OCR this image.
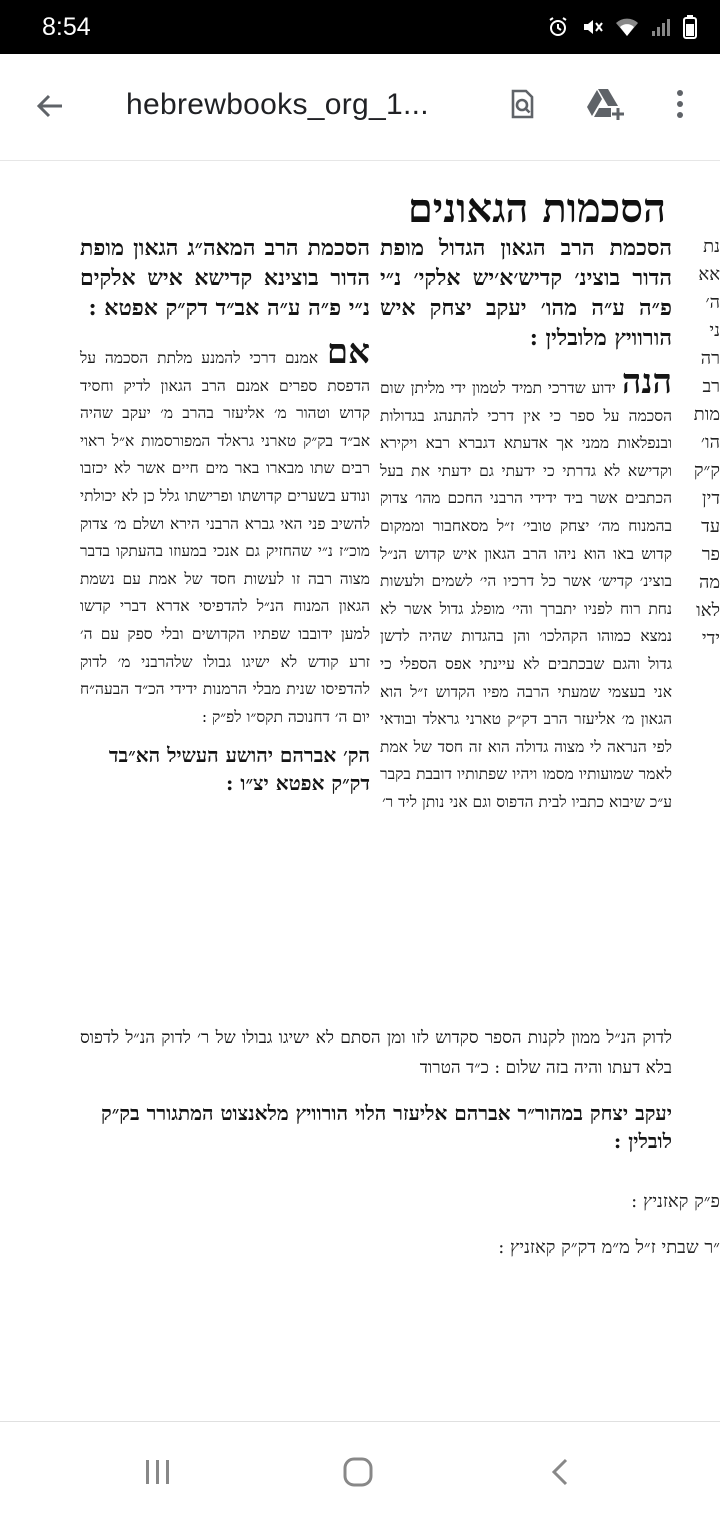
8:54
hebrewbooks_org_1...
הסכמות הגאונים
הסכמת הרב הגאון הגדול מופת הדור בוצינ׳ קדיש׳א׳יש אלקי׳ נ״י פ״ה ע״ה מהו׳ יעקב יצחק איש הורוויץ מלובלין :
הנה ידוע שדרכי תמיד לטמון ידי מליתן שום הסכמה על ספר כי אין דרכי להתנהג בגדולות ובנפלאות ממני אך אדעתא דגברא רבא ויקירא וקדישא לא גדרתי כי ידעתי גם ידעתי את בעל הכתבים אשר ביד ידידי הרבני החכם מהו׳ צדוק בהמנוח מה׳ יצחק טובי׳ ז״ל מסאחבור וממקום קדוש באו הוא ניהו הרב הגאון איש קדוש הנ״ל בוצינ׳ קדיש׳ אשר כל דרכיו הי׳ לשמים ולעשות נחת רוח לפניו יתברך והי׳ מופלג גדול אשר לא נמצא כמוהו הקהלכו׳ והן בהגדות שהיה לדשן גדול והגם שבכתבים לא עיינתי אפס הספלי כי אני בעצמי שמעתי הרבה מפיו הקדוש ז״ל הוא הגאון מ׳ אליעזר הרב דק״ק טארני גראלד ובודאי לפי הנראה לי מצוה גדולה הוא זה חסד של אמת לאמר שמועותיו מסמו ויהיו שפתותיו דובבת בקבר ע״כ שיבוא כתביו לבית הדפוס וגם אני נותן ליד ר׳
הסכמת הרב המאה״ג הגאון מופת הדור בוצינא קדישא איש אלקים נ״י פ״ה ע״ה אב״ד דק״ק אפטא :
אם אמנם דרכי להמנע מלתת הסכמה על הדפסת ספרים אמנם הרב הגאון לדיק וחסיד קדוש וטהור מ׳ אליעזר בהרב מ׳ יעקב שהיה אב״ד בק״ק טארני גראלד המפורסמות א״ל ראוי רבים שתו מבארו באר מים חיים אשר לא יכזבו ונודע בשערים קדושתו ופרישתו גלל כן לא יכולתי להשיב פני האי גברא הרבני הירא ושלם מ׳ צדוק מוכ״ז נ״י שהחזיק גם אנכי במעוזו בהעתקו בדבר מצוה רבה זו לעשות חסד של אמת עם נשמת הגאון המנוח הנ״ל להדפיסי אדרא דברי קדשו למען ידובבו שפתיו הקדושים ובלי ספק עם ה׳ זרע קודש לא ישיגו גבולו שלהרבני מ׳ לדוק להדפיסו שנית מבלי הרמנות ידידי הכ״ד הבעה״ח יום ה׳ דחנוכה תקס״ו לפ״ק :
הק׳ אברהם יהושע העשיל הא״בד דק״ק אפטא יצ״ו :
לדוק הנ״ל ממון לקנות הספר סקדוש לזו ומן הסתם לא ישיגו גבולו של ר׳ לדוק הנ״ל לדפוס בלא דעתו והיה בזה שלום : כ״ד הטרוד
יעקב יצחק במהור״ר אברהם אליעזר הלוי הורוויץ מלאנצוט המתגורר בק״ק לובלין :
נת
אא
ה׳
ני
רה
רב
מות
הו׳
ק״ק
דין
עד
פר
מה
לאו
ידי
פ״ק קאזניץ :
״ר שבתי ז״ל מ״מ דק״ק קאזניץ :
